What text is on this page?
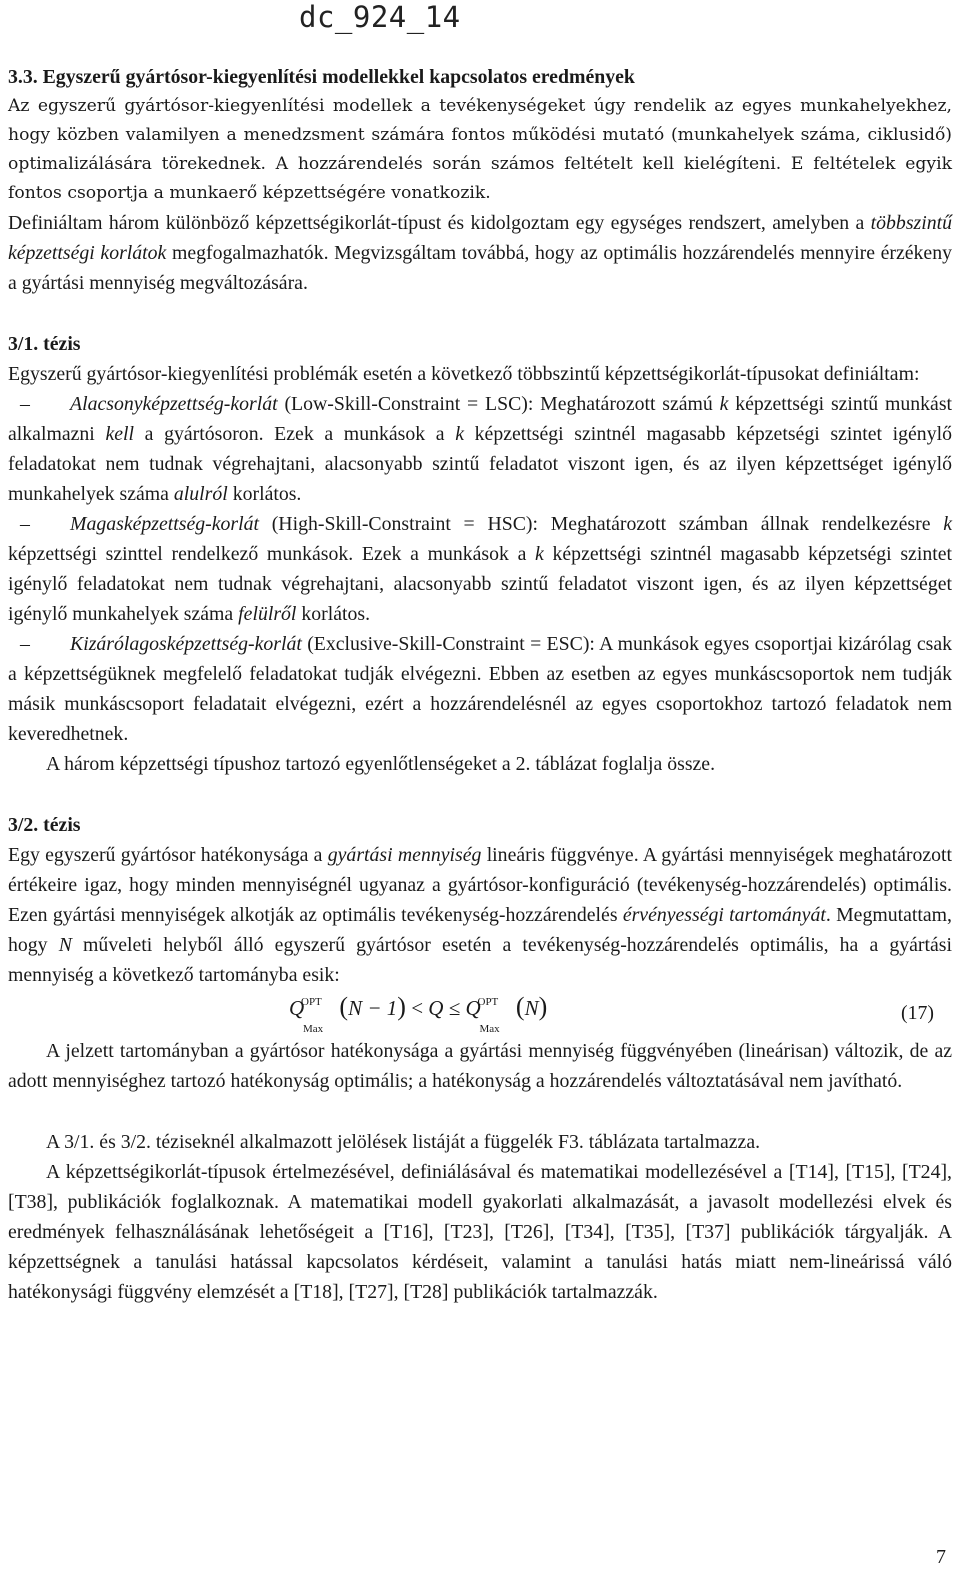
dc_924_14
3.3. Egyszerű gyártósor-kiegyenlítési modellekkel kapcsolatos eredmények

Az egyszerű gyártósor-kiegyenlítési modellek a tevékenységeket úgy rendelik az egyes munkahelyekhez, hogy közben valamilyen a menedzsment számára fontos működési mutató (munkahelyek száma, ciklusidő) optimalizálására törekednek. A hozzárendelés során számos feltételt kell kielégíteni. E feltételek egyik fontos csoportja a munkaerő képzettségére vonatkozik.

Definiáltam három különböző képzettségikorlát-típust és kidolgoztam egy egységes rendszert, amelyben a többszintű képzettségi korlátok megfogalmazhatók. Megvizsgáltam továbbá, hogy az optimális hozzárendelés mennyire érzékeny a gyártási mennyiség megváltozására.

3/1. tézis

Egyszerű gyártósor-kiegyenlítési problémák esetén a következő többszintű képzettségikorlát-típusokat definiáltam:

– Alacsonyképzettség-korlát (Low-Skill-Constraint = LSC): Meghatározott számú k képzettségi szintű munkást alkalmazni kell a gyártósoron. Ezek a munkások a k képzettségi szintnél magasabb képzetségi szintet igénylő feladatokat nem tudnak végrehajtani, alacsonyabb szintű feladatot viszont igen, és az ilyen képzettséget igénylő munkahelyek száma alulról korlátos.

– Magasképzettség-korlát (High-Skill-Constraint = HSC): Meghatározott számban állnak rendelkezésre k képzettségi szinttel rendelkező munkások. Ezek a munkások a k képzettségi szintnél magasabb képzetségi szintet igénylő feladatokat nem tudnak végrehajtani, alacsonyabb szintű feladatot viszont igen, és az ilyen képzettséget igénylő munkahelyek száma felülről korlátos.

– Kizárólagosképzettség-korlát (Exclusive-Skill-Constraint = ESC): A munkások egyes csoportjai kizárólag csak a képzettségüknek megfelelő feladatokat tudják elvégezni. Ebben az esetben az egyes munkáscsoportok nem tudják másik munkáscsoport feladatait elvégezni, ezért a hozzárendelésnél az egyes csoportokhoz tartozó feladatok nem keveredhetnek.

A három képzettségi típushoz tartozó egyenlőtlenségeket a 2. táblázat foglalja össze.

3/2. tézis

Egy egyszerű gyártósor hatékonysága a gyártási mennyiség lineáris függvénye. A gyártási mennyiségek meghatározott értékeire igaz, hogy minden mennyiségnél ugyanaz a gyártósor-konfiguráció (tevékenység-hozzárendelés) optimális. Ezen gyártási mennyiségek alkotják az optimális tevékenység-hozzárendelés érvényességi tartományát. Megmutattam, hogy N műveleti helyből álló egyszerű gyártósor esetén a tevékenység-hozzárendelés optimális, ha a gyártási mennyiség a következő tartományba esik:

Q
OPT
Max
(N − 1) < Q ≤ Q
OPT
Max
(N)	(17)

A jelzett tartományban a gyártósor hatékonysága a gyártási mennyiség függvényében (lineárisan) változik, de az adott mennyiséghez tartozó hatékonyság optimális; a hatékonyság a hozzárendelés változtatásával nem javítható.

A 3/1. és 3/2. téziseknél alkalmazott jelölések listáját a függelék F3. táblázata tartalmazza.

A képzettségikorlát-típusok értelmezésével, definiálásával és matematikai modellezésével a [T14], [T15], [T24], [T38], publikációk foglalkoznak. A matematikai modell gyakorlati alkalmazását, a javasolt modellezési elvek és eredmények felhasználásának lehetőségeit a [T16], [T23], [T26], [T34], [T35], [T37] publikációk tárgyalják. A képzettségnek a tanulási hatással kapcsolatos kérdéseit, valamint a tanulási hatás miatt nem-lineárissá váló hatékonysági függvény elemzését a [T18], [T27], [T28] publikációk tartalmazzák.

7
